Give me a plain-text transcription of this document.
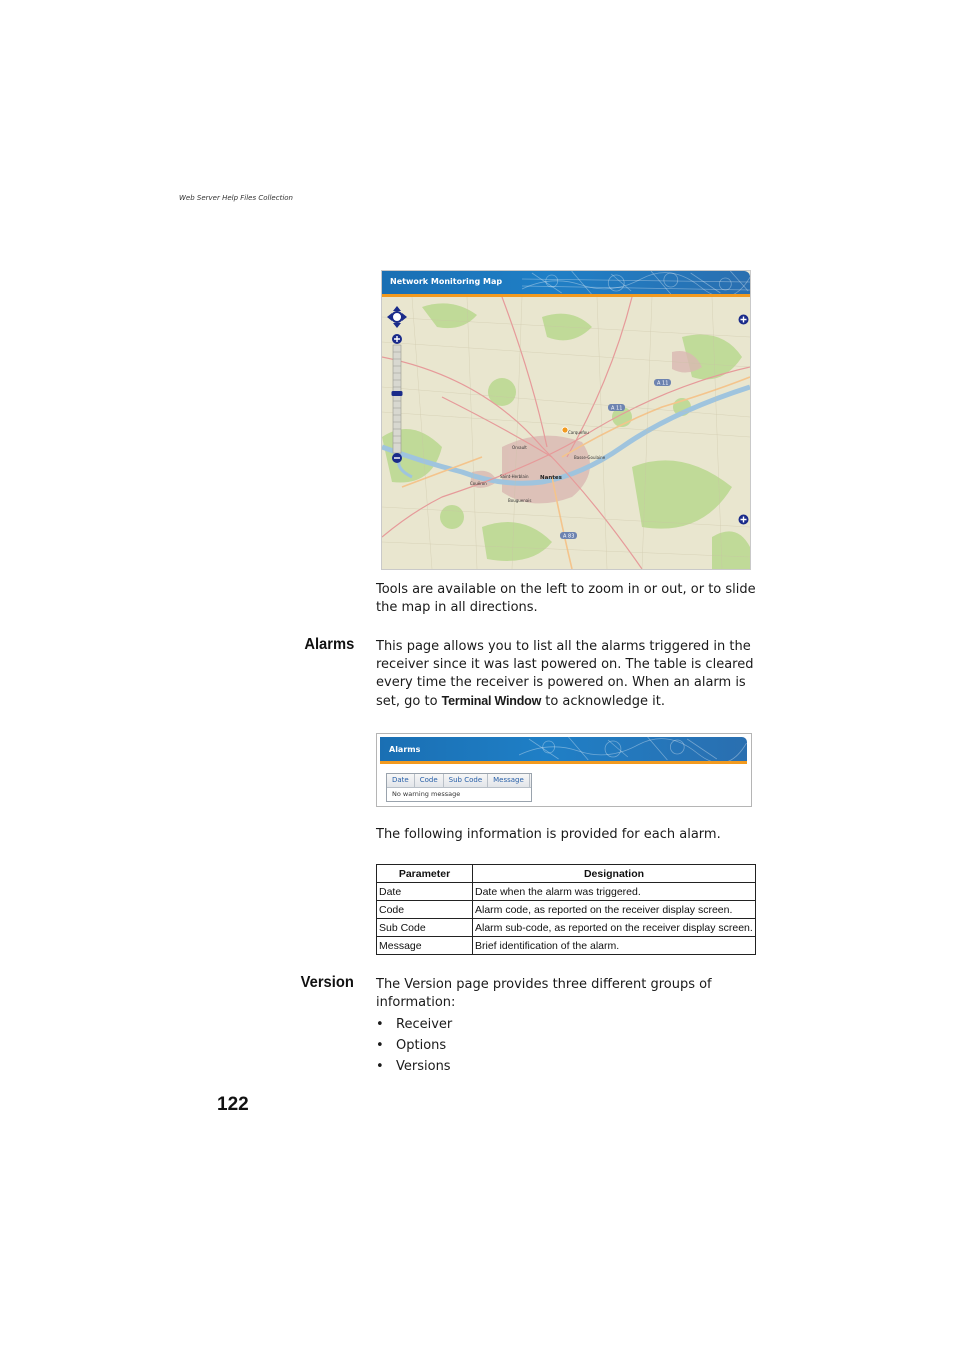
Web Server Help Files Collection
Network Monitoring Map
A 11
A 11
A 83
Carquefou
Orvault
Basse-Goulaine
Saint-Herblain
Couëron
Bouguenais
Nantes
Tools are available on the left to zoom in or out, or to slide the map in all directions.
Alarms This page allows you to list all the alarms triggered in the receiver since it was last powered on. The table is cleared every time the receiver is powered on. When an alarm is set, go to Terminal Window to acknowledge it.
Alarms
Date	Code	Sub Code	Message
No warning message
The following information is provided for each alarm.
Parameter	Designation
Date	Date when the alarm was triggered.
Code	Alarm code, as reported on the receiver display screen.
Sub Code	Alarm sub-code, as reported on the receiver display screen.
Message	Brief identification of the alarm.
Version The Version page provides three different groups of information:
• Receiver
• Options
• Versions
122
